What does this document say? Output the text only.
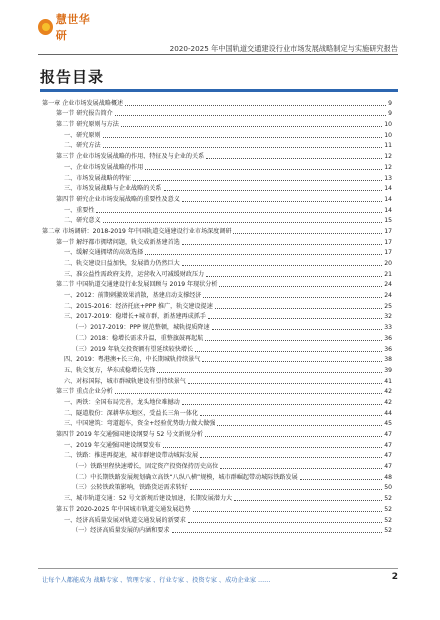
慧世华研
2020-2025 年中国轨道交通建设行业市场发展战略制定与实施研究报告
报告目录
第一章 企业市场发展战略概述	9
第一节 研究报告简介	9
第二节 研究原则与方法	10
一、研究原则	10
二、研究方法	11
第三节 企业市场发展战略的作用、特征及与企业的关系	12
一、企业市场发展战略的作用	12
二、市场发展战略的特征	13
三、市场发展战略与企业战略的关系	14
第四节 研究企业市场发展战略的重要性及意义	14
一、重要性	14
二、研究意义	15
第二章 市场调研：2018-2019 年中国轨道交通建设行业市场深度调研	17
第一节 解纾都市拥堵问题，轨交成新基建首选	17
一、缓解交通拥堵的高效选择	17
二、轨交建设日益加快，发展潜力仍然巨大	20
三、准公益性需政府支持，运营收入可减缓财政压力	21
第二节 中国轨道交通建设行业发展回顾与 2019 年现状分析	24
一、2012：前期刺激效果消散，基建启动支撑经济	24
二、2015-2016：经济托底+PPP 推广，轨交建设提速	25
三、2017-2019：稳增长+城市群，新基建再成抓手	32
（一）2017-2019：PPP 规范整顿，城轨提质降速	33
（二）2018：稳增长需求升温，重整旗鼓再起航	36
（三）2019 年轨交投资额有望延续较快增长	36
四、2019：粤港澳+长三角，中长期城轨持续景气	38
五、轨交复方，华东成稳增长先锋	39
六、对标国际，城市群城轨建设有望持续景气	41
第三节 重点企业分析	42
一、两铁：全国布局完善，龙头地位难撼动	42
二、隧道股份：深耕华东地区，受益长三角一体化	44
三、中国建筑：弯道超车，资金+经验优势助力做大做强	45
第四节 2019 年交通强国建设纲要与 52 号文新规分析	47
一、2019 年交通强国建设纲要发布	47
二、铁路：推进再提速，城市群建设带动城际发展	47
（一）铁路里程快速增长，固定资产投资保持历史高位	47
（二）中长期铁路发展规划确立高铁“八纵八横”规模，城市群崛起带动城际铁路发展	48
（三）公转铁政策影响，铁路货运需求转好	50
三、城市轨道交通：52 号文新规后建设加速，长期发展潜力大	52
第五节 2020-2025 年中国城市轨道交通发展趋势	52
一、经济高质量发展对轨道交通发展的新要求	52
（一）经济高质量发展的内涵和要求	52
让每个人都能成为 战略专家 、管理专家 、行业专家 、投资专家 、成功企业家 ……	2
